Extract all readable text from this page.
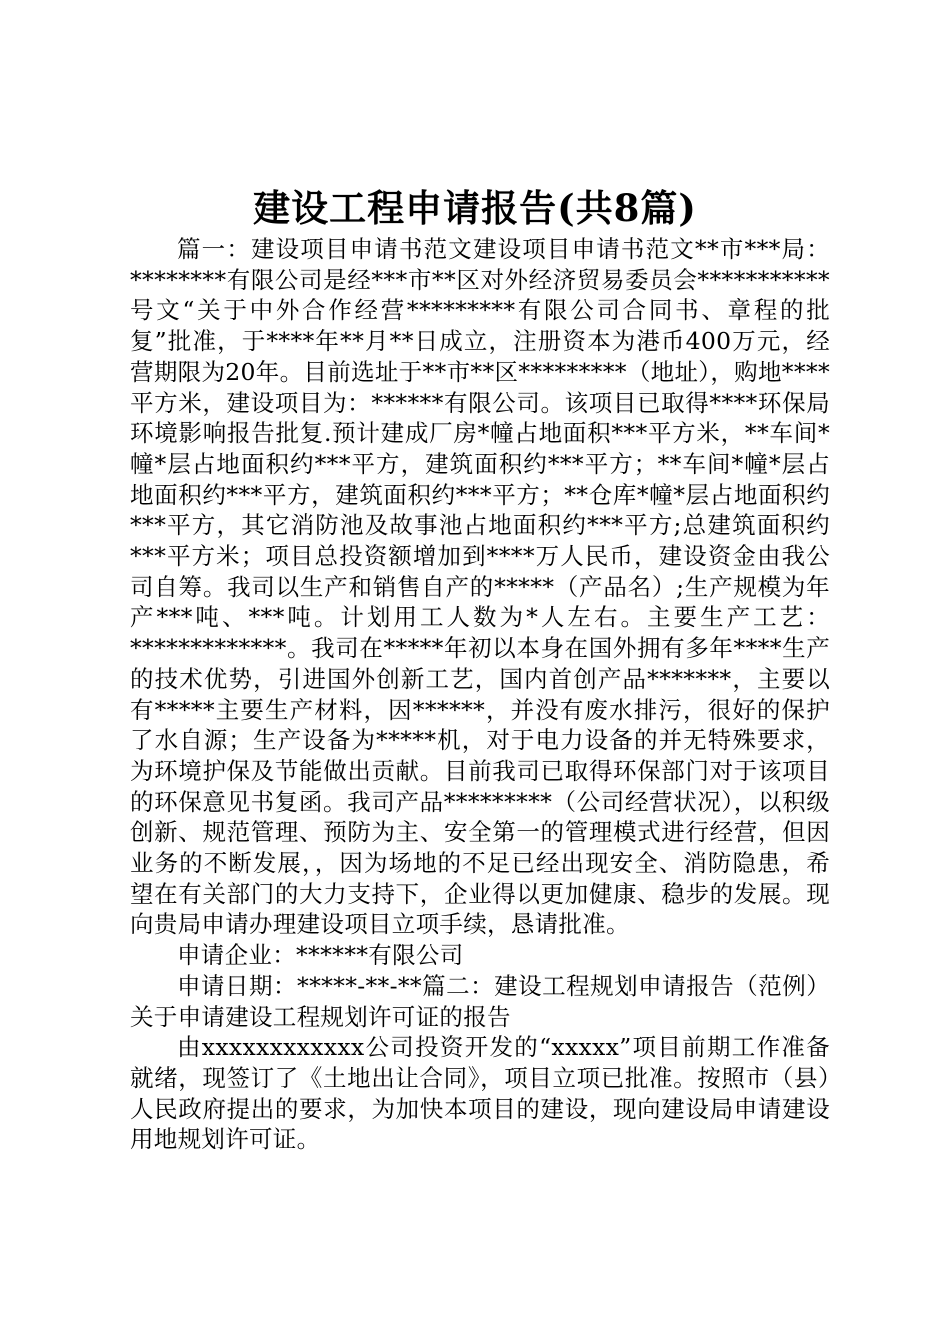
建设工程申请报告(共8篇)

篇一：建设项目申请书范文建设项目申请书范文**市***局：********有限公司是经***市**区对外经济贸易委员会***********号文“关于中外合作经营*********有限公司合同书、章程的批复”批准，于****年**月**日成立，注册资本为港币400万元，经营期限为20年。目前选址于**市**区*********（地址），购地****平方米，建设项目为：******有限公司。该项目已取得****环保局环境影响报告批复.预计建成厂房*幢占地面积***平方米，**车间*幢*层占地面积约***平方，建筑面积约***平方；**车间*幢*层占地面积约***平方，建筑面积约***平方；**仓库*幢*层占地面积约***平方，其它消防池及故事池占地面积约***平方;总建筑面积约***平方米；项目总投资额增加到****万人民币，建设资金由我公司自筹。我司以生产和销售自产的*****（产品名）;生产规模为年产***吨、***吨。计划用工人数为*人左右。主要生产工艺：*************。我司在*****年初以本身在国外拥有多年****生产的技术优势，引进国外创新工艺，国内首创产品*******，主要以有*****主要生产材料，因******，并没有废水排污，很好的保护了水自源；生产设备为*****机，对于电力设备的并无特殊要求，为环境护保及节能做出贡献。目前我司已取得环保部门对于该项目的环保意见书复函。我司产品*********（公司经营状况），以积级创新、规范管理、预防为主、安全第一的管理模式进行经营，但因业务的不断发展，，因为场地的不足已经出现安全、消防隐患，希望在有关部门的大力支持下，企业得以更加健康、稳步的发展。现向贵局申请办理建设项目立项手续，恳请批准。

申请企业：******有限公司

申请日期：*****-**-**篇二：建设工程规划申请报告（范例）关于申请建设工程规划许可证的报告

由xxxxxxxxxxxx公司投资开发的“xxxxx”项目前期工作准备就绪，现签订了《土地出让合同》，项目立项已批准。按照市（县）人民政府提出的要求，为加快本项目的建设，现向建设局申请建设用地规划许可证。
